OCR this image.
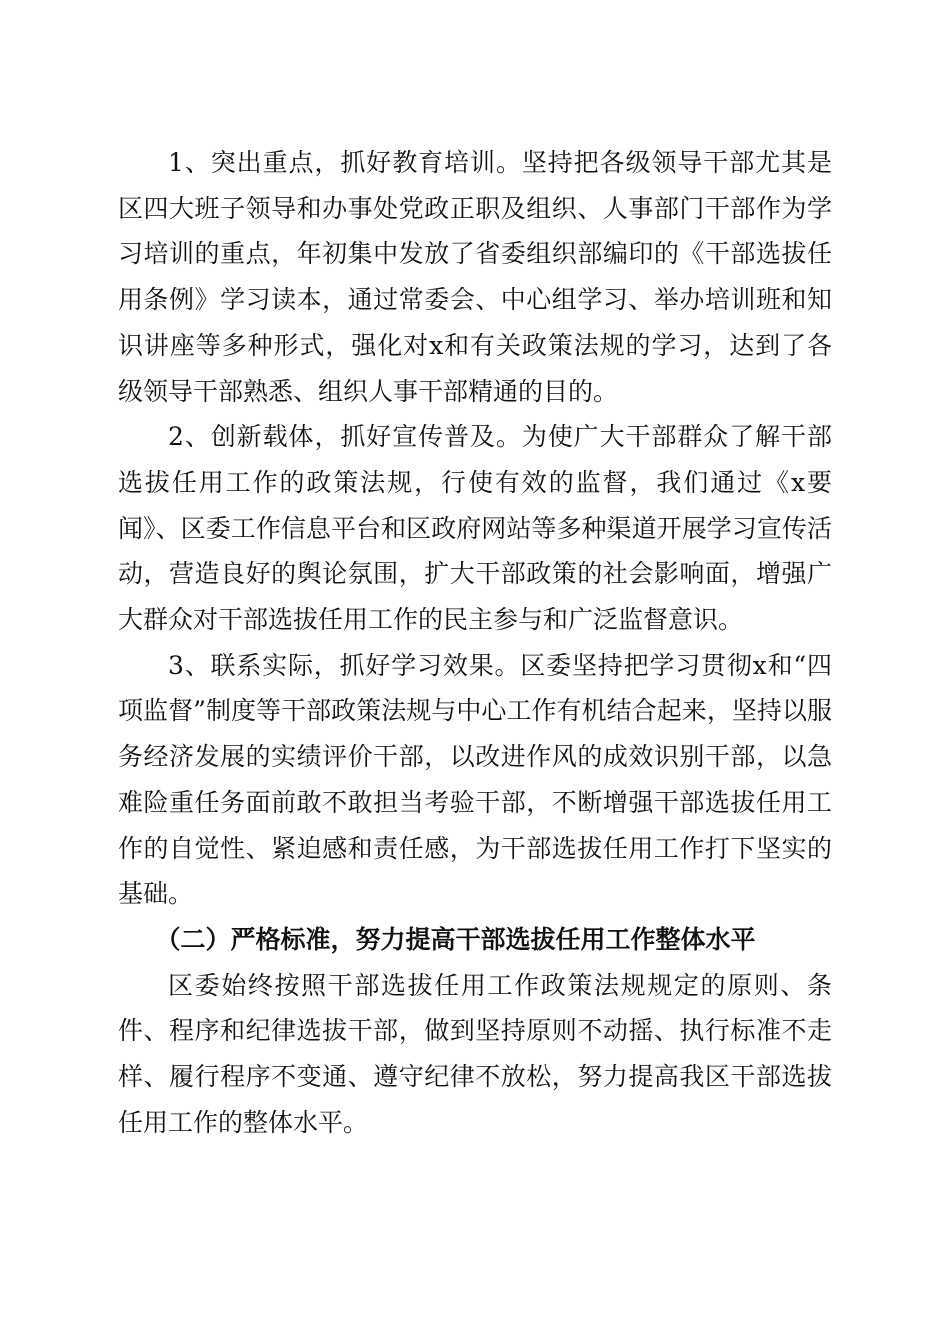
1、突出重点，抓好教育培训。坚持把各级领导干部尤其是区四大班子领导和办事处党政正职及组织、人事部门干部作为学习培训的重点，年初集中发放了省委组织部编印的《干部选拔任用条例》学习读本，通过常委会、中心组学习、举办培训班和知识讲座等多种形式，强化对x和有关政策法规的学习，达到了各级领导干部熟悉、组织人事干部精通的目的。

2、创新载体，抓好宣传普及。为使广大干部群众了解干部选拔任用工作的政策法规，行使有效的监督，我们通过《x要闻》、区委工作信息平台和区政府网站等多种渠道开展学习宣传活动，营造良好的舆论氛围，扩大干部政策的社会影响面，增强广大群众对干部选拔任用工作的民主参与和广泛监督意识。

3、联系实际，抓好学习效果。区委坚持把学习贯彻x和“四项监督”制度等干部政策法规与中心工作有机结合起来，坚持以服务经济发展的实绩评价干部，以改进作风的成效识别干部，以急难险重任务面前敢不敢担当考验干部，不断增强干部选拔任用工作的自觉性、紧迫感和责任感，为干部选拔任用工作打下坚实的基础。

（二）严格标准，努力提高干部选拔任用工作整体水平

区委始终按照干部选拔任用工作政策法规规定的原则、条件、程序和纪律选拔干部，做到坚持原则不动摇、执行标准不走样、履行程序不变通、遵守纪律不放松，努力提高我区干部选拔任用工作的整体水平。
